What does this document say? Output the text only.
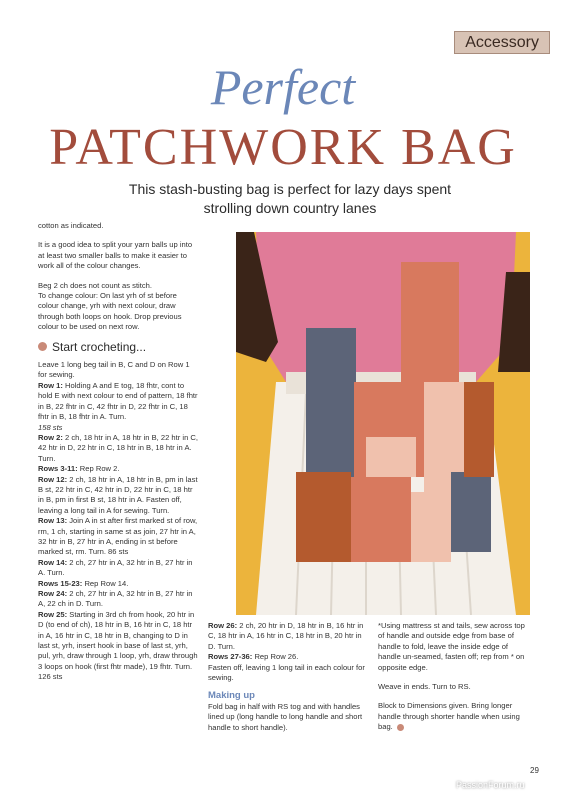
Accessory
Perfect
PATCHWORK BAG
This stash-busting bag is perfect for lazy days spent strolling down country lanes

cotton as indicated.

It is a good idea to split your yarn balls up into at least two smaller balls to make it easier to work all of the colour changes.

Beg 2 ch does not count as stitch.

To change colour: On last yrh of st before colour change, yrh with next colour, draw through both loops on hook. Drop previous colour to be used on next row.

Start crocheting...

Leave 1 long beg tail in B, C and D on Row 1 for sewing.

Row 1: Holding A and E tog, 18 fhtr, cont to hold E with next colour to end of pattern, 18 fhtr in B, 22 fhtr in C, 42 fhtr in D, 22 fhtr in C, 18 fhtr in B, 18 fhtr in A. Turn.
158 sts
Row 2: 2 ch, 18 htr in A, 18 htr in B, 22 htr in C, 42 htr in D, 22 htr in C, 18 htr in B, 18 htr in A. Turn.
Rows 3-11: Rep Row 2.
Row 12: 2 ch, 18 htr in A, 18 htr in B, pm in last B st, 22 htr in C, 42 htr in D, 22 htr in C, 18 htr in B, pm in first B st, 18 htr in A. Fasten off, leaving a long tail in A for sewing. Turn.
Row 13: Join A in st after first marked st of row, rm, 1 ch, starting in same st as join, 27 htr in A, 32 htr in B, 27 htr in A, ending in st before marked st, rm. Turn. 86 sts
Row 14: 2 ch, 27 htr in A, 32 htr in B, 27 htr in A. Turn.
Rows 15-23: Rep Row 14.
Row 24: 2 ch, 27 htr in A, 32 htr in B, 27 htr in A, 22 ch in D. Turn.
Row 25: Starting in 3rd ch from hook, 20 htr in D (to end of ch), 18 htr in B, 16 htr in C, 18 htr in A, 16 htr in C, 18 htr in B, changing to D in last st, yrh, insert hook in base of last st, yrh, pul, yrh, draw through 1 loop, yrh, draw through 3 loops on hook (first fhtr made), 19 fhtr. Turn. 126 sts
Row 26: 2 ch, 20 htr in D, 18 htr in B, 16 htr in C, 18 htr in A, 16 htr in C, 18 htr in B, 20 htr in D. Turn.
Rows 27-36: Rep Row 26.
Fasten off, leaving 1 long tail in each colour for sewing.
Making up

Fold bag in half with RS tog and with handles lined up (long handle to long handle and short handle to short handle).

*Using mattress st and tails, sew across top of handle and outside edge from base of handle to fold, leave the inside edge of handle un-seamed, fasten off; rep from * on opposite edge.

Weave in ends. Turn to RS.

Block to Dimensions given. Bring longer handle through shorter handle when using bag.

29
PassionForum.ru
